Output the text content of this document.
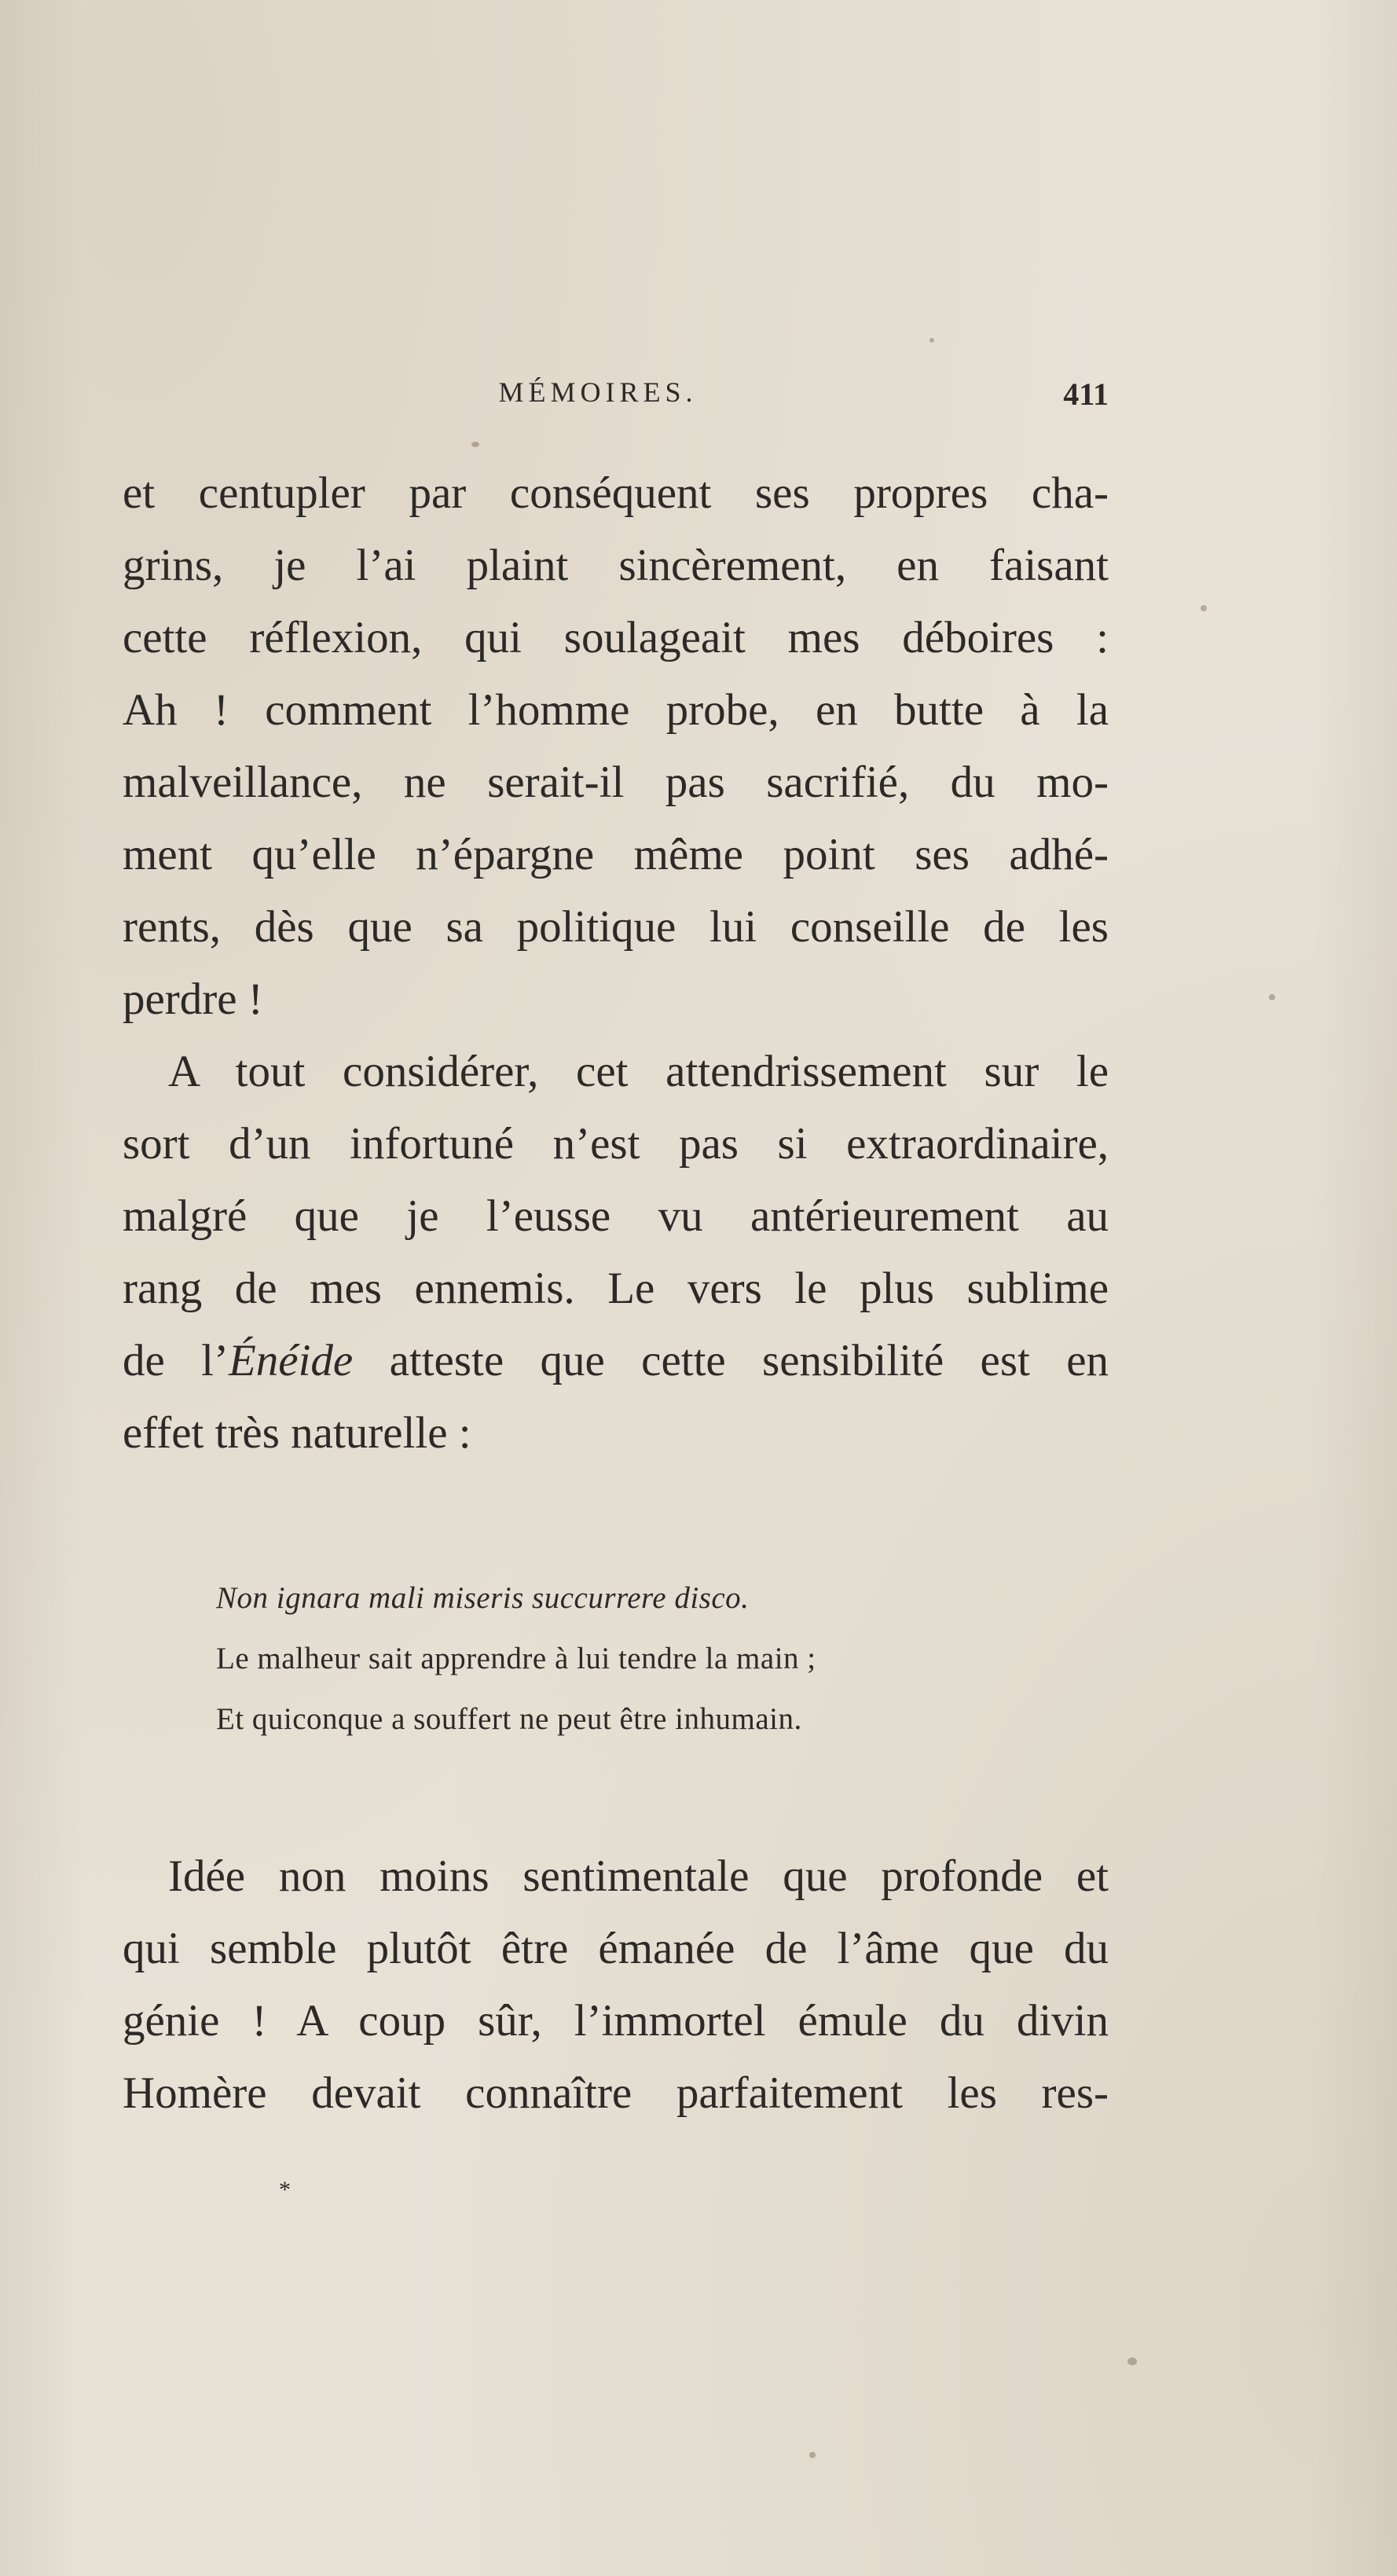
MÉMOIRES.	411

et centupler par conséquent ses propres cha-

grins, je l’ai plaint sincèrement, en faisant

cette réflexion, qui soulageait mes déboires :

Ah ! comment l’homme probe, en butte à la

malveillance, ne serait-il pas sacrifié, du mo-

ment qu’elle n’épargne même point ses adhé-

rents, dès que sa politique lui conseille de les

perdre !

A tout considérer, cet attendrissement sur le

sort d’un infortuné n’est pas si extraordinaire,

malgré que je l’eusse vu antérieurement au

rang de mes ennemis. Le vers le plus sublime

de l’Énéide atteste que cette sensibilité est en

effet très naturelle :

Non ignara mali miseris succurrere disco.

Le malheur sait apprendre à lui tendre la main ;

Et quiconque a souffert ne peut être inhumain.

Idée non moins sentimentale que profonde et

qui semble plutôt être émanée de l’âme que du

génie ! A coup sûr, l’immortel émule du divin

Homère devait connaître parfaitement les res-

*
